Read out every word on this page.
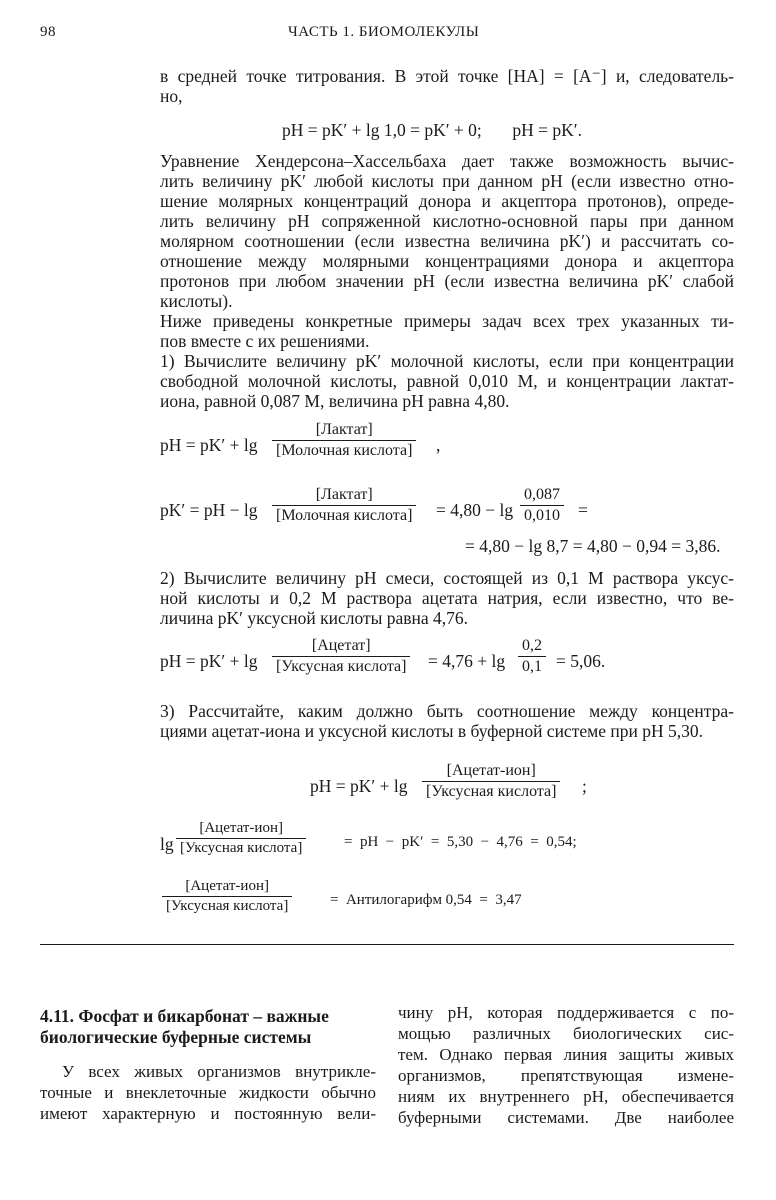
98	ЧАСТЬ 1. БИОМОЛЕКУЛЫ
в средней точке титрования. В этой точке [HA] = [A⁻] и, следователь-
но,
pH = pK′ + lg 1,0 = pK′ + 0;       pH = pK′.
Уравнение Хендерсона–Хассельбаха дает также возможность вычис-
лить величину pK′ любой кислоты при данном pH (если известно отно-
шение молярных концентраций донора и акцептора протонов), опреде-
лить величину pH сопряженной кислотно-основной пары при данном
молярном соотношении (если известна величина pK′) и рассчитать со-
отношение между молярными концентрациями донора и акцептора
протонов при любом значении pH (если известна величина pK′ слабой
кислоты).
Ниже приведены конкретные примеры задач всех трех указанных ти-
пов вместе с их решениями.
1) Вычислите величину pK′ молочной кислоты, если при концентрации
свободной молочной кислоты, равной 0,010 М, и концентрации лактат-
иона, равной 0,087 М, величина pH равна 4,80.
pH = pK′ + lg
[Лактат]
[Молочная кислота] ,
pK′ = pH − lg
[Лактат]
[Молочная кислота] = 4,80 − lg
0,087
0,010 =
= 4,80 − lg 8,7 = 4,80 − 0,94 = 3,86.
2) Вычислите величину pH смеси, состоящей из 0,1 М раствора уксус-
ной кислоты и 0,2 М раствора ацетата натрия, если известно, что ве-
личина pK′ уксусной кислоты равна 4,76.
pH = pK′ + lg
[Ацетат]
[Уксусная кислота] = 4,76 + lg
0,2
0,1 = 5,06.
3) Рассчитайте, каким должно быть соотношение между концентра-
циями ацетат-иона и уксусной кислоты в буферной системе при pH 5,30.
pH = pK′ + lg
[Ацетат-ион]
[Уксусная кислота] ;
lg
[Ацетат-ион]
[Уксусная кислота]	=  pH  −  pK′  =  5,30  −  4,76  =  0,54;
[Ацетат-ион]
[Уксусная кислота]	=  Антилогарифм 0,54  =  3,47
4.11. Фосфат и бикарбонат – важные
биологические буферные системы
У всех живых организмов внутрикле-
точные и внеклеточные жидкости обычно
имеют характерную и постоянную вели-
чину pH, которая поддерживается с по-
мощью различных биологических сис-
тем. Однако первая линия защиты живых
организмов, препятствующая измене-
ниям их внутреннего pH, обеспечивается
буферными системами. Две наиболее
